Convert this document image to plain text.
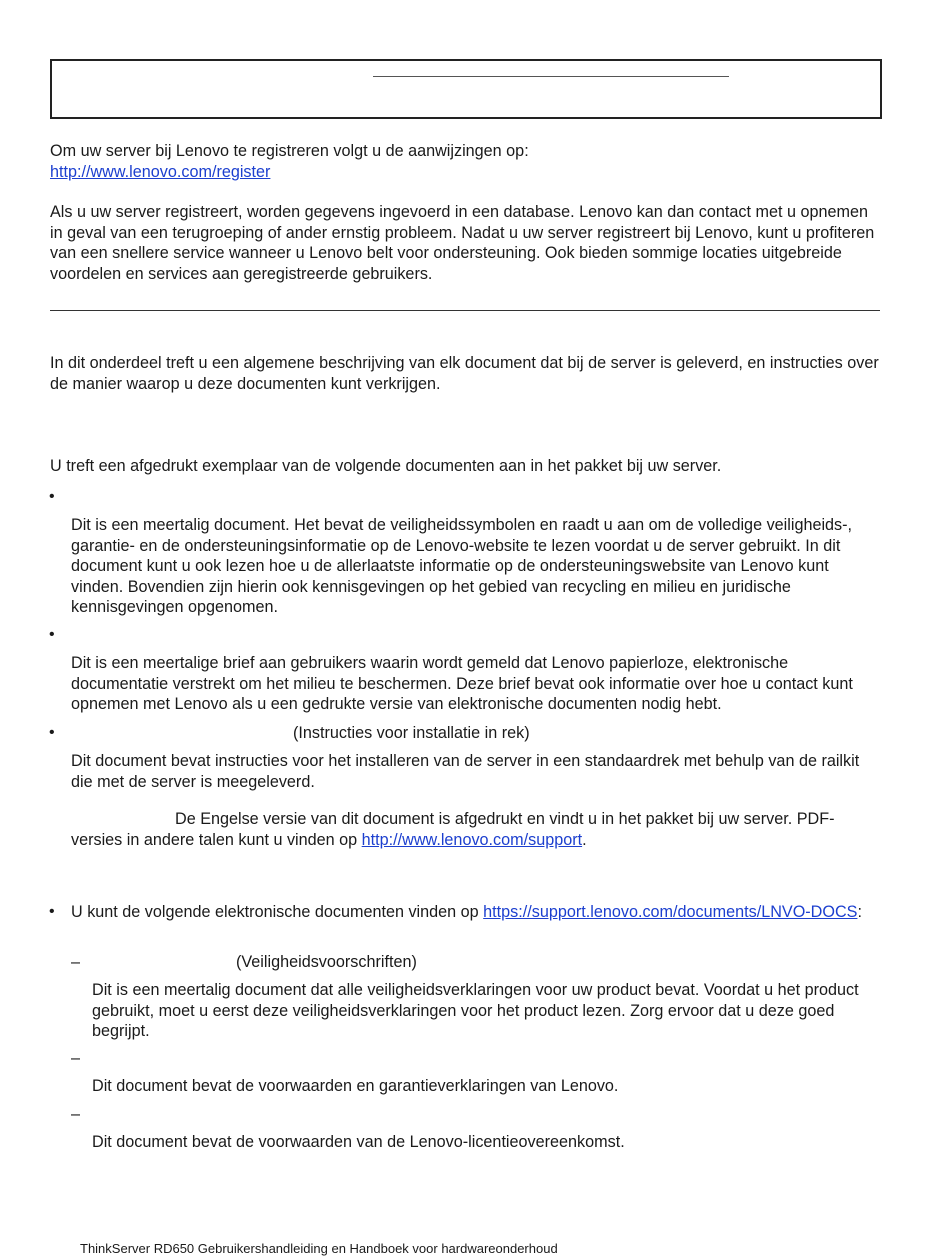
Om uw server bij Lenovo te registreren volgt u de aanwijzingen op:
http://www.lenovo.com/register

Als u uw server registreert, worden gegevens ingevoerd in een database. Lenovo kan dan contact met u opnemen in geval van een terugroeping of ander ernstig probleem. Nadat u uw server registreert bij Lenovo, kunt u profiteren van een snellere service wanneer u Lenovo belt voor ondersteuning. Ook bieden sommige locaties uitgebreide voordelen en services aan geregistreerde gebruikers.

In dit onderdeel treft u een algemene beschrijving van elk document dat bij de server is geleverd, en instructies over de manier waarop u deze documenten kunt verkrijgen.

U treft een afgedrukt exemplaar van de volgende documenten aan in het pakket bij uw server.

•

Dit is een meertalig document. Het bevat de veiligheidssymbolen en raadt u aan om de volledige veiligheids-, garantie- en de ondersteuningsinformatie op de Lenovo-website te lezen voordat u de server gebruikt. In dit document kunt u ook lezen hoe u de allerlaatste informatie op de ondersteuningswebsite van Lenovo kunt vinden. Bovendien zijn hierin ook kennisgevingen op het gebied van recycling en milieu en juridische kennisgevingen opgenomen.

•

Dit is een meertalige brief aan gebruikers waarin wordt gemeld dat Lenovo papierloze, elektronische documentatie verstrekt om het milieu te beschermen. Deze brief bevat ook informatie over hoe u contact kunt opnemen met Lenovo als u een gedrukte versie van elektronische documenten nodig hebt.

•	(Instructies voor installatie in rek)

Dit document bevat instructies voor het installeren van de server in een standaardrek met behulp van de railkit die met de server is meegeleverd.

De Engelse versie van dit document is afgedrukt en vindt u in het pakket bij uw server. PDF-versies in andere talen kunt u vinden op http://www.lenovo.com/support.

• U kunt de volgende elektronische documenten vinden op https://support.lenovo.com/documents/LNVO-DOCS:

–	(Veiligheidsvoorschriften)

Dit is een meertalig document dat alle veiligheidsverklaringen voor uw product bevat. Voordat u het product gebruikt, moet u eerst deze veiligheidsverklaringen voor het product lezen. Zorg ervoor dat u deze goed begrijpt.

–

Dit document bevat de voorwaarden en garantieverklaringen van Lenovo.

–

Dit document bevat de voorwaarden van de Lenovo-licentieovereenkomst.

ThinkServer RD650 Gebruikershandleiding en Handboek voor hardwareonderhoud
